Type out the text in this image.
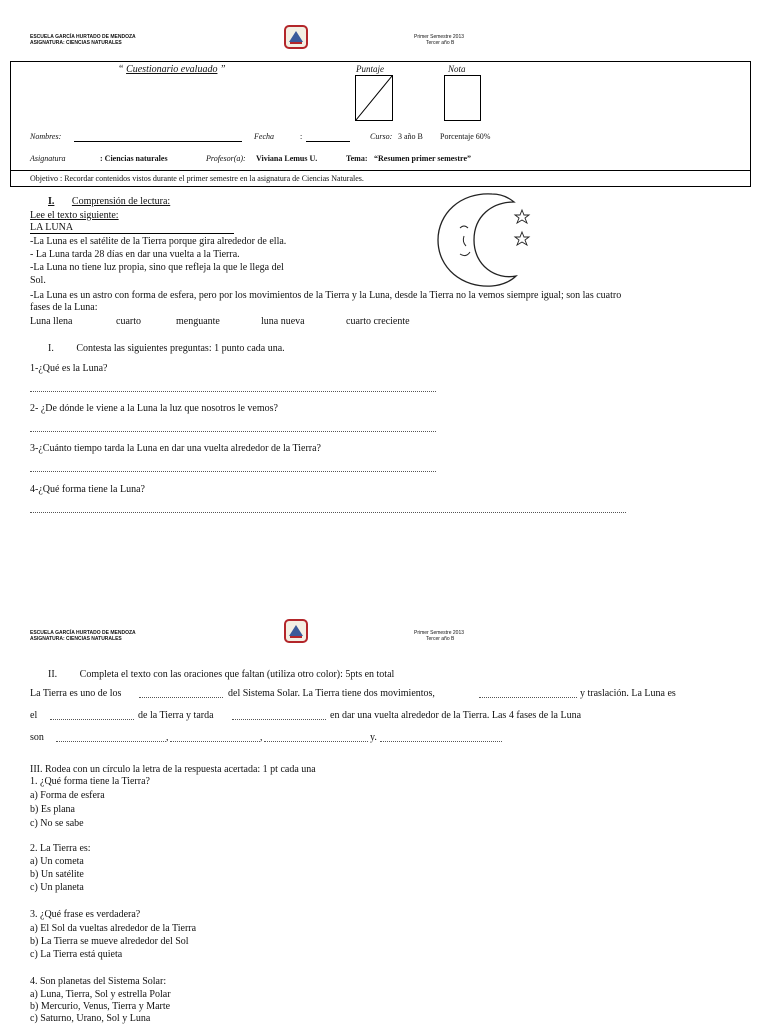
ESCUELA GARCÍA HURTADO DE MENDOZA
ASIGNATURA: CIENCIAS NATURALES
Primer Semestre 2013
Tercer año B
“ Cuestionario evaluado ”	Puntaje	Nota
Nombres:	Fecha	:	Curso: 3 año B Porcentaje 60%
Asignatura	: Ciencias naturales	Profesor(a): Viviana Lemus U.	Tema: “Resumen primer semestre”
Objetivo : Recordar contenidos vistos durante el primer semestre en la asignatura de Ciencias Naturales.
I. Comprensión de lectura:
Lee el texto siguiente:
LA LUNA
-La Luna es el satélite de la Tierra porque gira alrededor de ella.
- La Luna tarda 28 días en dar una vuelta a la Tierra.
-La Luna no tiene luz propia, sino que refleja la que le llega del
Sol.
-La Luna es un astro con forma de esfera, pero por los movimientos de la Tierra y la Luna, desde la Tierra no la vemos siempre igual; son las cuatro
fases de la Luna:
Luna llena	cuarto	menguante	luna nueva	cuarto creciente
I. Contesta las siguientes preguntas: 1 punto cada una.
1-¿Qué es la Luna?
2- ¿De dónde le viene a la Luna la luz que nosotros le vemos?
3-¿Cuánto tiempo tarda la Luna en dar una vuelta alrededor de la Tierra?
4-¿Qué forma tiene la Luna?
ESCUELA GARCÍA HURTADO DE MENDOZA
ASIGNATURA: CIENCIAS NATURALES
Primer Semestre 2013
Tercer año B
II. Completa el texto con las oraciones que faltan (utiliza otro color): 5pts en total
La Tierra es uno de los	del Sistema Solar. La Tierra tiene dos movimientos,	y traslación. La Luna es
el	de la Tierra y tarda	en dar una vuelta alrededor de la Tierra. Las 4 fases de la Luna
son	,	,	y.
III. Rodea con un círculo la letra de la respuesta acertada: 1 pt cada una
1. ¿Qué forma tiene la Tierra?
a) Forma de esfera
b) Es plana
c) No se sabe
2. La Tierra es:
a) Un cometa
b) Un satélite
c) Un planeta
3. ¿Qué frase es verdadera?
a) El Sol da vueltas alrededor de la Tierra
b) La Tierra se mueve alrededor del Sol
c) La Tierra está quieta
4. Son planetas del Sistema Solar:
a) Luna, Tierra, Sol y estrella Polar
b) Mercurio, Venus, Tierra y Marte
c) Saturno, Urano, Sol y Luna
